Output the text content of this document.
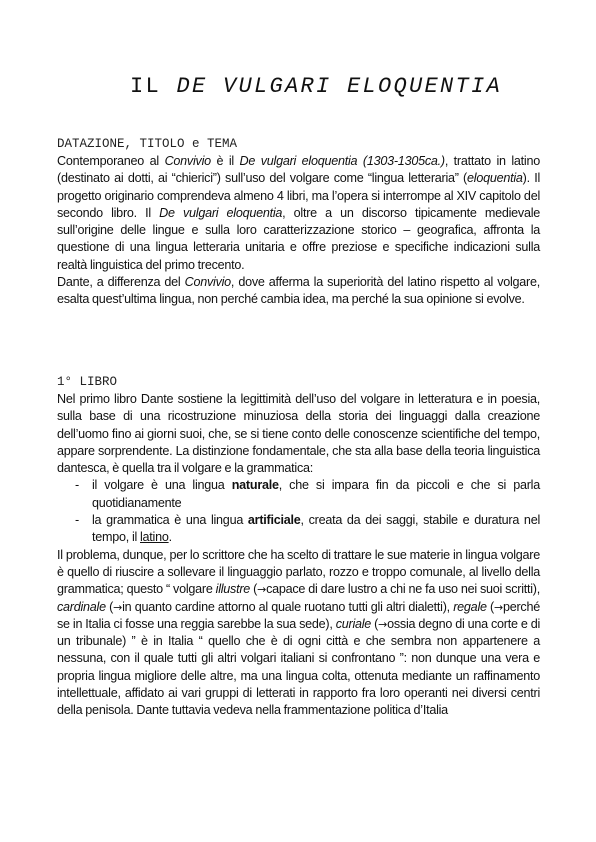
IL DE VULGARI ELOQUENTIA
DATAZIONE, TITOLO e TEMA

Contemporaneo al Convivio è il De vulgari eloquentia (1303-1305ca.), trattato in latino (destinato ai dotti, ai “chierici”) sull’uso del volgare come “lingua letteraria” (eloquentia). Il progetto originario comprendeva almeno 4 libri, ma l’opera si interrompe al XIV capitolo del secondo libro. Il De vulgari eloquentia, oltre a un discorso tipicamente medievale sull’origine delle lingue e sulla loro caratterizzazione storico – geografica, affronta la questione di una lingua letteraria unitaria e offre preziose e specifiche indicazioni sulla realtà linguistica del primo trecento.

Dante, a differenza del Convivio, dove afferma la superiorità del latino rispetto al volgare, esalta quest’ultima lingua, non perché cambia idea, ma perché la sua opinione si evolve.

1° LIBRO

Nel primo libro Dante sostiene la legittimità dell’uso del volgare in letteratura e in poesia, sulla base di una ricostruzione minuziosa della storia dei linguaggi dalla creazione dell’uomo fino ai giorni suoi, che, se si tiene conto delle conoscenze scientifiche del tempo, appare sorprendente. La distinzione fondamentale, che sta alla base della teoria linguistica dantesca, è quella tra il volgare e la grammatica:

- il volgare è una lingua naturale, che si impara fin da piccoli e che si parla quotidianamente
- la grammatica è una lingua artificiale, creata da dei saggi, stabile e duratura nel tempo, il latino.

Il problema, dunque, per lo scrittore che ha scelto di trattare le sue materie in lingua volgare è quello di riuscire a sollevare il linguaggio parlato, rozzo e troppo comunale, al livello della grammatica; questo “ volgare illustre (→capace di dare lustro a chi ne fa uso nei suoi scritti), cardinale (→in quanto cardine attorno al quale ruotano tutti gli altri dialetti), regale (→perché se in Italia ci fosse una reggia sarebbe la sua sede), curiale (→ossia degno di una corte e di un tribunale) ” è in Italia “ quello che è di ogni città e che sembra non appartenere a nessuna, con il quale tutti gli altri volgari italiani si confrontano ”: non dunque una vera e propria lingua migliore delle altre, ma una lingua colta, ottenuta mediante un raffinamento intellettuale, affidato ai vari gruppi di letterati in rapporto fra loro operanti nei diversi centri della penisola. Dante tuttavia vedeva nella frammentazione politica d’Italia
